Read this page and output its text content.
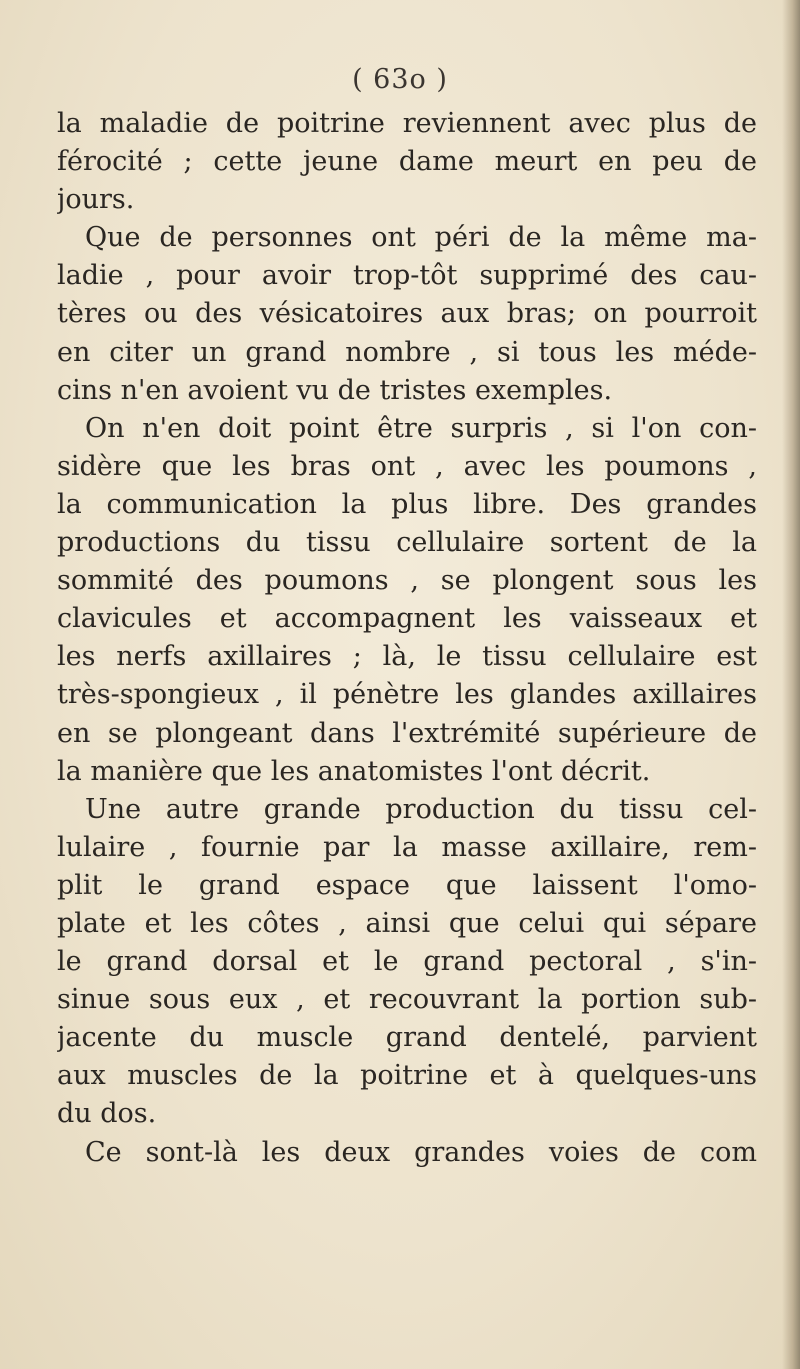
( 63o )
la maladie de poitrine reviennent avec plus de
férocité ; cette jeune dame meurt en peu de
jours.
Que de personnes ont péri de la même ma-
ladie , pour avoir trop-tôt supprimé des cau-
tères ou des vésicatoires aux bras; on pourroit
en citer un grand nombre , si tous les méde-
cins n'en avoient vu de tristes exemples.
On n'en doit point être surpris , si l'on con-
sidère que les bras ont , avec les poumons ,
la communication la plus libre. Des grandes
productions du tissu cellulaire sortent de la
sommité des poumons , se plongent sous les
clavicules et accompagnent les vaisseaux et
les nerfs axillaires ; là, le tissu cellulaire est
très-spongieux , il pénètre les glandes axillaires
en se plongeant dans l'extrémité supérieure de
la manière que les anatomistes l'ont décrit.
Une autre grande production du tissu cel-
lulaire , fournie par la masse axillaire, rem-
plit le grand espace que laissent l'omo-
plate et les côtes , ainsi que celui qui sépare
le grand dorsal et le grand pectoral , s'in-
sinue sous eux , et recouvrant la portion sub-
jacente du muscle grand dentelé, parvient
aux muscles de la poitrine et à quelques-uns
du dos.
Ce sont-là les deux grandes voies de com
